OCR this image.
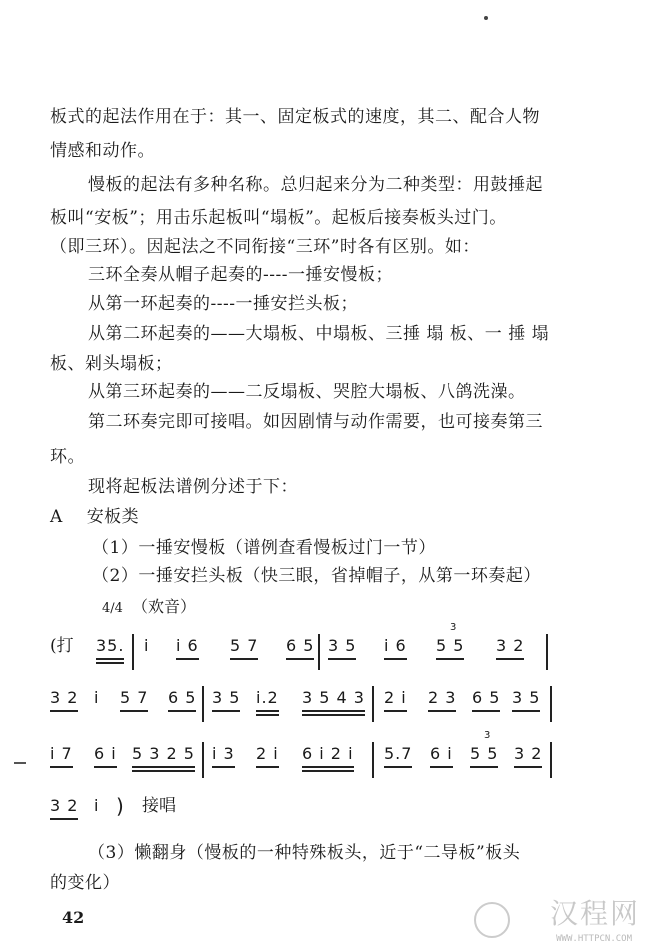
板式的起法作用在于：其一、固定板式的速度，其二、配合人物
情感和动作。
慢板的起法有多种名称。总归起来分为二种类型：用鼓捶起
板叫“安板”；用击乐起板叫“塌板”。起板后接奏板头过门。
（即三环）。因起法之不同衔接“三环”时各有区别。如：
三环全奏从帽子起奏的----一捶安慢板；
从第一环起奏的----一捶安拦头板；
从第二环起奏的——大塌板、中塌板、三捶 塌 板、一 捶 塌
板、剁头塌板；
从第三环起奏的——二反塌板、哭腔大塌板、八鸽洗澡。
第二环奏完即可接唱。如因剧情与动作需要，也可接奏第三
环。
现将起板法谱例分述于下：
A 安板类
（1）一捶安慢板（谱例查看慢板过门一节）
（2）一捶安拦头板（快三眼，省掉帽子，从第一环奏起）
4/4 （欢音）
(打 35. i i 6 5 7 6 5 3 5 i 6
3
5 5 3 2
3 2 i 5 7 6 5 3 5 i.2 3 5 4 3 2 i 2 3 6 5 3 5
i 7 6 i 5 3 2 5 i 3 2 i 6 i 2 i 5.7 6 i
3
5 5 3 2
3 2 i ) 接唱
（3）懒翻身（慢板的一种特殊板头，近于“二导板”板头
的变化）
42	汉程网
WWW.HTTPCN.COM
